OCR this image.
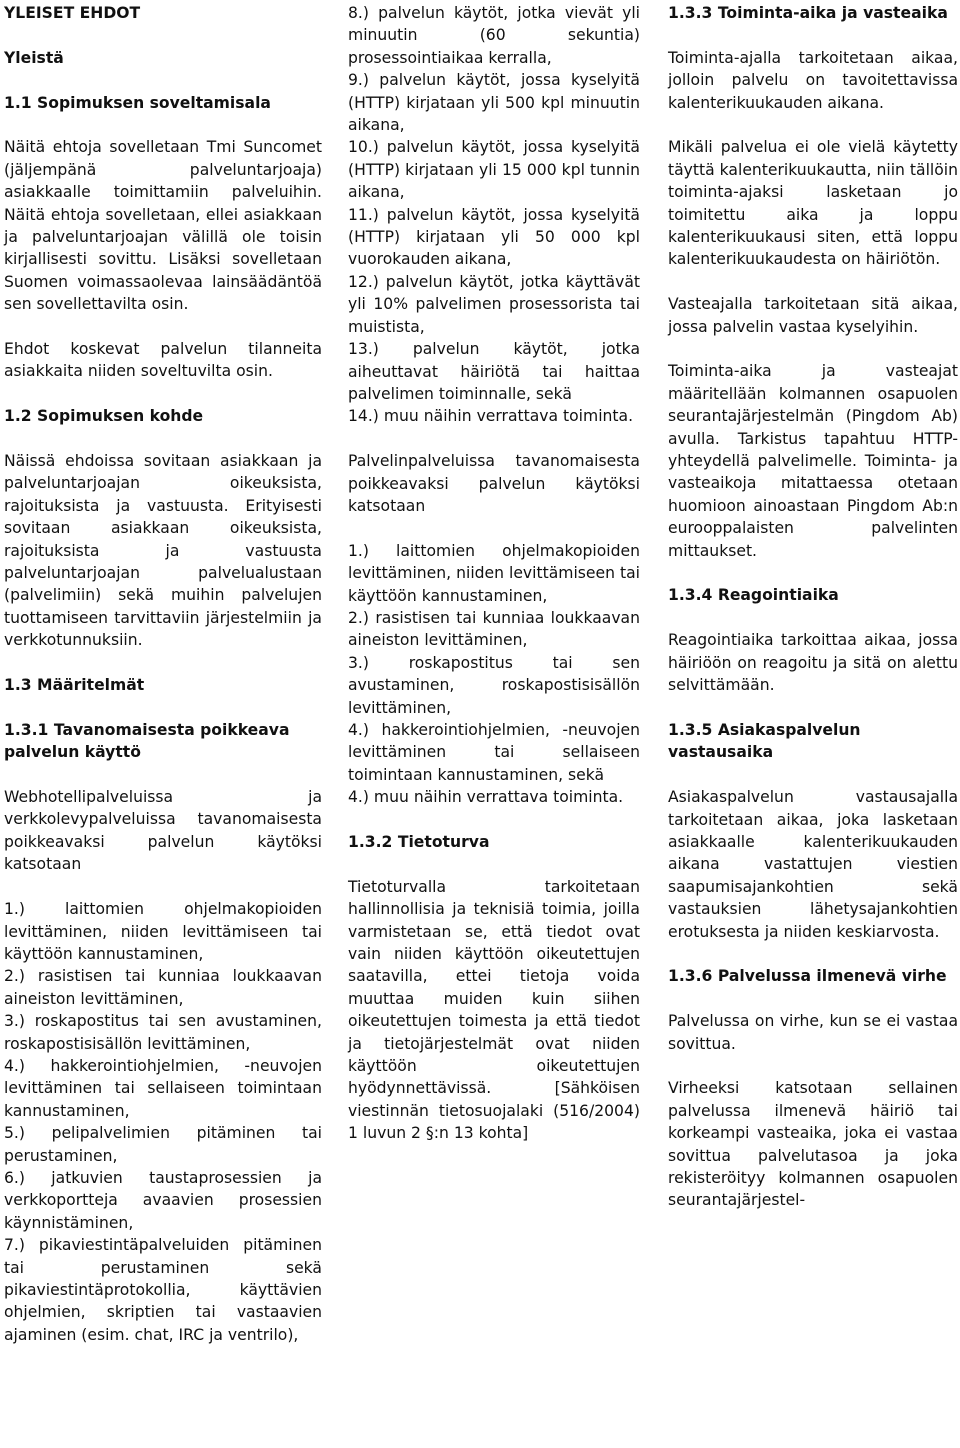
YLEISET EHDOT
Yleistä
1.1 Sopimuksen soveltamisala
Näitä ehtoja sovelletaan Tmi Suncomet (jäljempänä palveluntarjoaja) asiakkaalle toimittamiin palveluihin. Näitä ehtoja sovelletaan, ellei asiakkaan ja palveluntarjoajan välillä ole toisin kirjallisesti sovittu. Lisäksi sovelletaan Suomen voimassaolevaa lainsäädäntöä sen sovellettavilta osin.
Ehdot koskevat palvelun tilanneita asiakkaita niiden soveltuvilta osin.
1.2 Sopimuksen kohde
Näissä ehdoissa sovitaan asiakkaan ja palveluntarjoajan oikeuksista, rajoituksista ja vastuusta. Erityisesti sovitaan asiakkaan oikeuksista, rajoituksista ja vastuusta palveluntarjoajan palvelualustaan (palvelimiin) sekä muihin palvelujen tuottamiseen tarvittaviin järjestelmiin ja verkkotunnuksiin.
1.3 Määritelmät
1.3.1 Tavanomaisesta poikkeava palvelun käyttö
Webhotellipalveluissa ja verkkolevypalveluissa tavanomaisesta poikkeavaksi palvelun käytöksi katsotaan
1.) laittomien ohjelmakopioiden levittäminen, niiden levittämiseen tai käyttöön kannustaminen,
2.) rasistisen tai kunniaa loukkaavan aineiston levittäminen,
3.) roskapostitus tai sen avustaminen, roskapostisisällön levittäminen,
4.) hakkerointiohjelmien, -neuvojen levittäminen tai sellaiseen toimintaan kannustaminen,
5.) pelipalvelimien pitäminen tai perustaminen,
6.) jatkuvien taustaprosessien ja verkkoportteja avaavien prosessien käynnistäminen,
7.) pikaviestintäpalveluiden pitäminen tai perustaminen sekä pikaviestintäprotokollia, käyttävien ohjelmien, skriptien tai vastaavien ajaminen (esim. chat, IRC ja ventrilo),
8.) palvelun käytöt, jotka vievät yli minuutin (60 sekuntia) prosessointiaikaa kerralla,
9.) palvelun käytöt, jossa kyselyitä (HTTP) kirjataan yli 500 kpl minuutin aikana,
10.) palvelun käytöt, jossa kyselyitä (HTTP) kirjataan yli 15 000 kpl tunnin aikana,
11.) palvelun käytöt, jossa kyselyitä (HTTP) kirjataan yli 50 000 kpl vuorokauden aikana,
12.) palvelun käytöt, jotka käyttävät yli 10% palvelimen prosessorista tai muistista,
13.) palvelun käytöt, jotka aiheuttavat häiriötä tai haittaa palvelimen toiminnalle, sekä
14.) muu näihin verrattava toiminta.
Palvelinpalveluissa tavanomaisesta poikkeavaksi palvelun käytöksi katsotaan
1.) laittomien ohjelmakopioiden levittäminen, niiden levittämiseen tai käyttöön kannustaminen,
2.) rasistisen tai kunniaa loukkaavan aineiston levittäminen,
3.) roskapostitus tai sen avustaminen, roskapostisisällön levittäminen,
4.) hakkerointiohjelmien, -neuvojen levittäminen tai sellaiseen toimintaan kannustaminen, sekä
4.) muu näihin verrattava toiminta.
1.3.2 Tietoturva
Tietoturvalla tarkoitetaan hallinnollisia ja teknisiä toimia, joilla varmistetaan se, että tiedot ovat vain niiden käyttöön oikeutettujen saatavilla, ettei tietoja voida muuttaa muiden kuin siihen oikeutettujen toimesta ja että tiedot ja tietojärjestelmät ovat niiden käyttöön oikeutettujen hyödynnettävissä. [Sähköisen viestinnän tietosuojalaki (516/2004) 1 luvun 2 §:n 13 kohta]
1.3.3 Toiminta-aika ja vasteaika
Toiminta-ajalla tarkoitetaan aikaa, jolloin palvelu on tavoitettavissa kalenterikuukauden aikana.
Mikäli palvelua ei ole vielä käytetty täyttä kalenterikuukautta, niin tällöin toiminta-ajaksi lasketaan jo toimitettu aika ja loppu kalenterikuukausi siten, että loppu kalenterikuukaudesta on häiriötön.
Vasteajalla tarkoitetaan sitä aikaa, jossa palvelin vastaa kyselyihin.
Toiminta-aika ja vasteajat määritellään kolmannen osapuolen seurantajärjestelmän (Pingdom Ab) avulla. Tarkistus tapahtuu HTTP-yhteydellä palvelimelle. Toiminta- ja vasteaikoja mitattaessa otetaan huomioon ainoastaan Pingdom Ab:n eurooppalaisten palvelinten mittaukset.
1.3.4 Reagointiaika
Reagointiaika tarkoittaa aikaa, jossa häiriöön on reagoitu ja sitä on alettu selvittämään.
1.3.5 Asiakaspalvelun vastausaika
Asiakaspalvelun vastausajalla tarkoitetaan aikaa, joka lasketaan asiakkaalle kalenterikuukauden aikana vastattujen viestien saapumisajankohtien sekä vastauksien lähetysajankohtien erotuksesta ja niiden keskiarvosta.
1.3.6 Palvelussa ilmenevä virhe
Palvelussa on virhe, kun se ei vastaa sovittua.
Virheeksi katsotaan sellainen palvelussa ilmenevä häiriö tai korkeampi vasteaika, joka ei vastaa sovittua palvelutasoa ja joka rekisteröityy kolmannen osapuolen seurantajärjestel-
